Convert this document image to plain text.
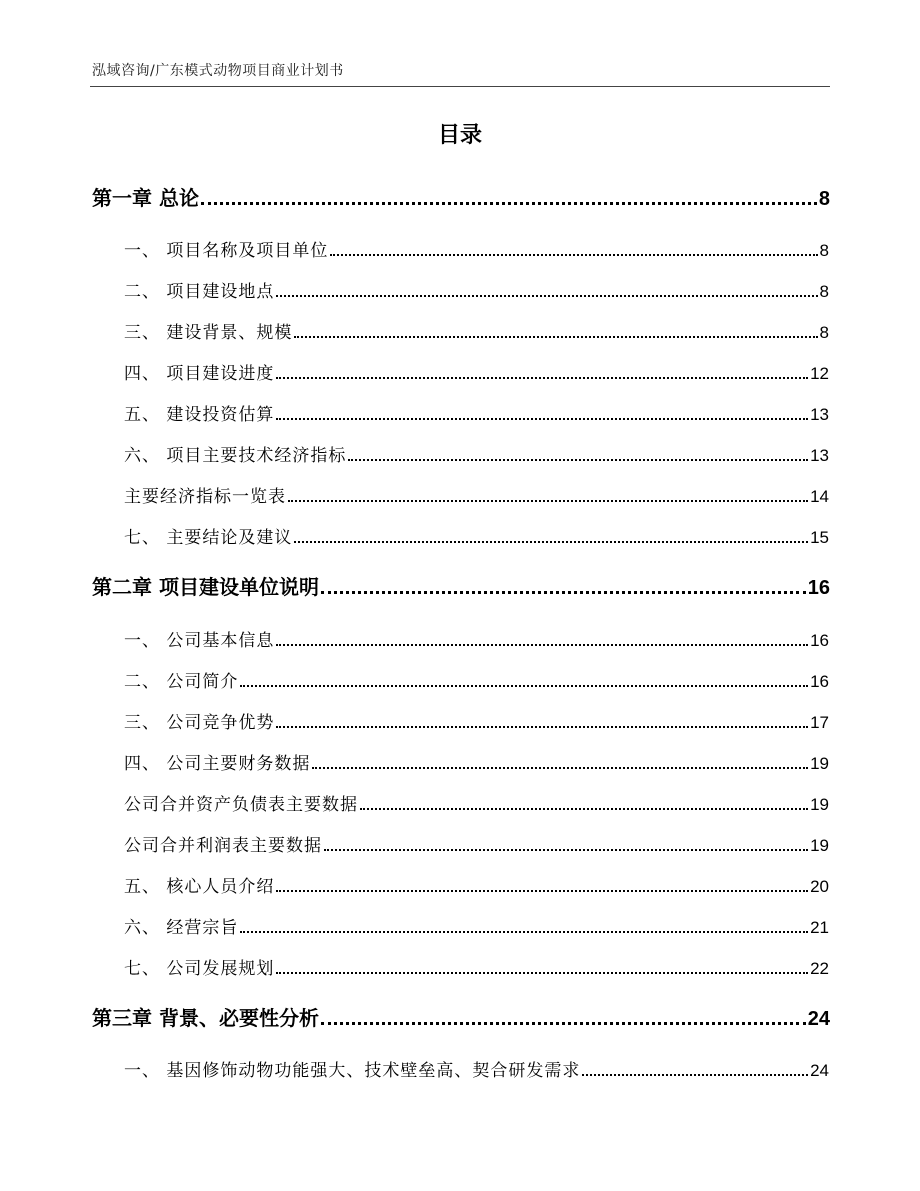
泓域咨询/广东模式动物项目商业计划书
目录
第一章 总论	8
一、 项目名称及项目单位	8
二、 项目建设地点	8
三、 建设背景、规模	8
四、 项目建设进度	12
五、 建设投资估算	13
六、 项目主要技术经济指标	13
主要经济指标一览表	14
七、 主要结论及建议	15
第二章 项目建设单位说明	16
一、 公司基本信息	16
二、 公司简介	16
三、 公司竞争优势	17
四、 公司主要财务数据	19
公司合并资产负债表主要数据	19
公司合并利润表主要数据	19
五、 核心人员介绍	20
六、 经营宗旨	21
七、 公司发展规划	22
第三章 背景、必要性分析	24
一、 基因修饰动物功能强大、技术壁垒高、契合研发需求	24
